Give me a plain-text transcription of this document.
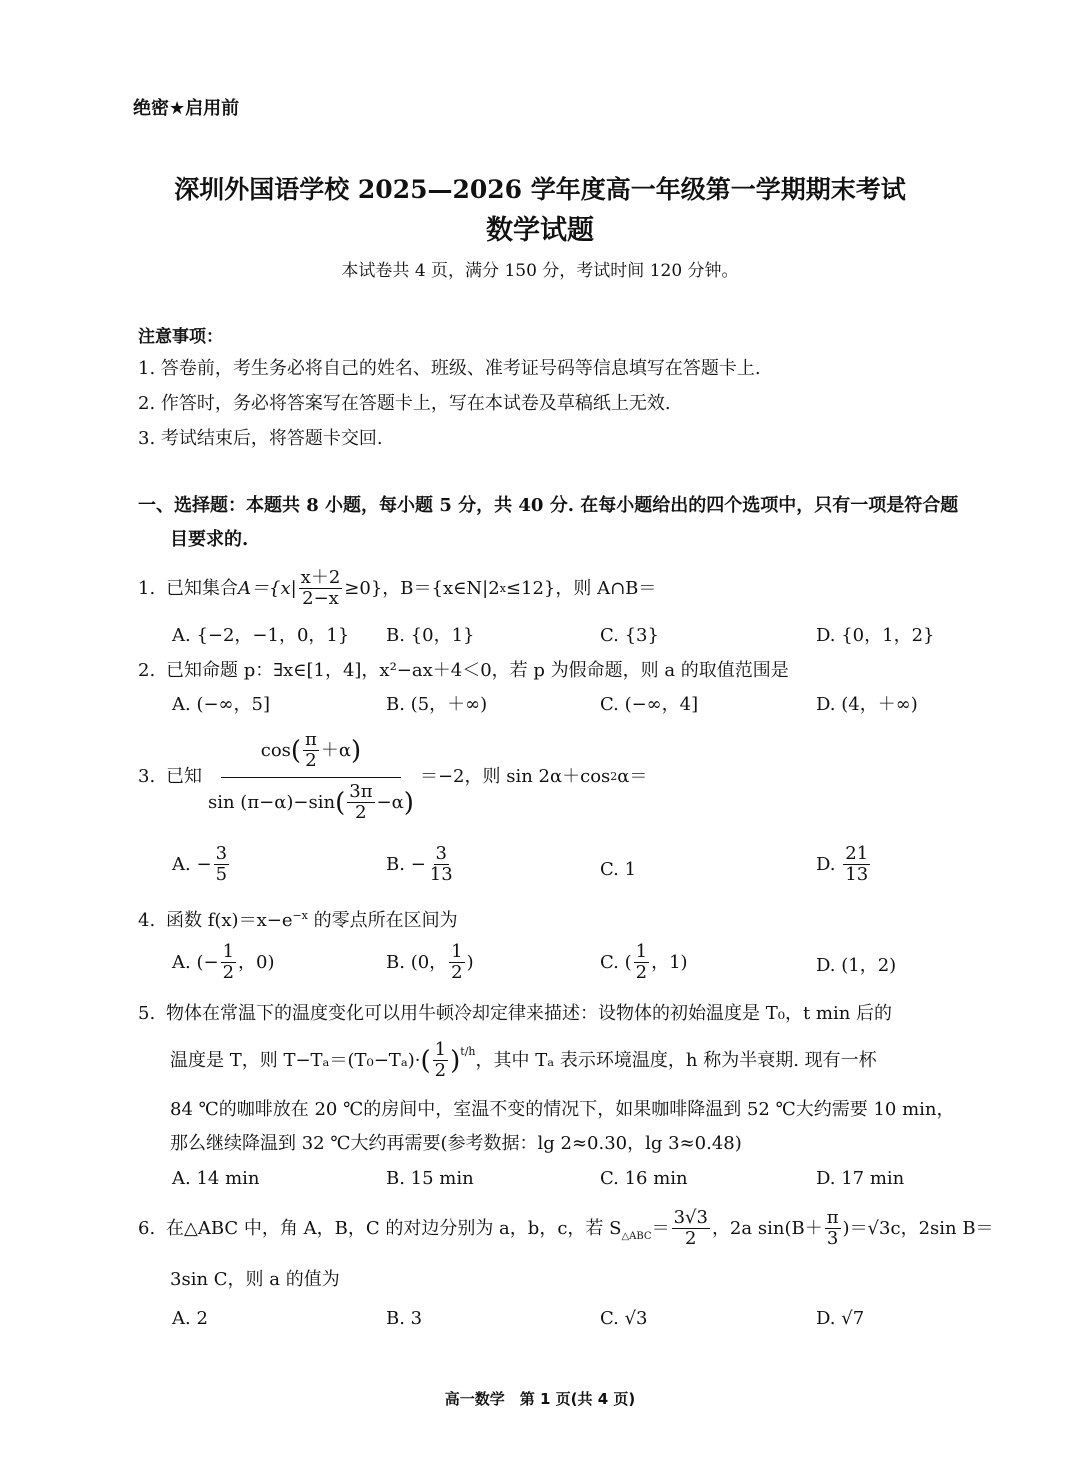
绝密★启用前
深圳外国语学校 2025—2026 学年度高一年级第一学期期末考试
数学试题
本试卷共 4 页，满分 150 分，考试时间 120 分钟。
注意事项：
1. 答卷前，考生务必将自己的姓名、班级、准考证号码等信息填写在答题卡上.
2. 作答时，务必将答案写在答题卡上，写在本试卷及草稿纸上无效.
3. 考试结束后，将答题卡交回.
一、选择题：本题共 8 小题，每小题 5 分，共 40 分. 在每小题给出的四个选项中，只有一项是符合题
目要求的.
1. 已知集合 $A=\{x| \frac{x+2}{2-x} \ge 0\}$ ，B＝{x∈N|2 x ≤12}，则 A∩B＝
A. {−2，−1，0，1} B. {0，1}	C. {3}	D. {0，1，2}
2. 已知命题 p：∃x∈[1，4]，x²−ax＋4＜0，若 p 为假命题，则 a 的取值范围是
A. (−∞，5]	B. (5，＋∞)	C. (−∞，4]	D. (4，＋∞)
3. 已知 $\frac{\cos ( \frac{\pi}{2} +\alpha )}{\sin (\pi-\alpha)-\sin ( \frac{3\pi}{2} -\alpha )} =-2$，则 sin 2α＋cos 2 α＝
A.
− $\frac{3}{5}$	B.
− $\frac{3}{13}$	C. 1	D.
$\frac{21}{13}$
4. 函数 $f(x)=x-e^{-x}$ 的零点所在区间为
A.
(− $\frac{1}{2}$ ，0)	B.
(0， $\frac{1}{2}$ )	C.
( $\frac{1}{2}$ ，1)	D. (1，2)
5. 物体在常温下的温度变化可以用牛顿冷却定律来描述：设物体的初始温度是 T₀，t min 后的
温度是 T，则 T−Tₐ＝(T₀−Tₐ)· ( $\frac{1}{2} )^{t/h}$ ，其中 Tₐ 表示环境温度，h 称为半衰期. 现有一杯
84 ℃的咖啡放在 20 ℃的房间中，室温不变的情况下，如果咖啡降温到 52 ℃大约需要 10 min，
那么继续降温到 32 ℃大约再需要(参考数据：lg 2≈0.30，lg 3≈0.48)
A. 14 min	B. 15 min	C. 16 min	D. 17 min
6. 在△ABC 中，角 A，B，C 的对边分别为 a，b，c，若 $S_{\triangle ABC} = \frac{3√3}{2}$ ，2a $\sin (B+ \frac{\pi}{3}$ ) ＝√3c，2sin B＝
3sin C，则 a 的值为
A. 2	B. 3	C. √3	D. √7
高一数学　第 1 页(共 4 页)
